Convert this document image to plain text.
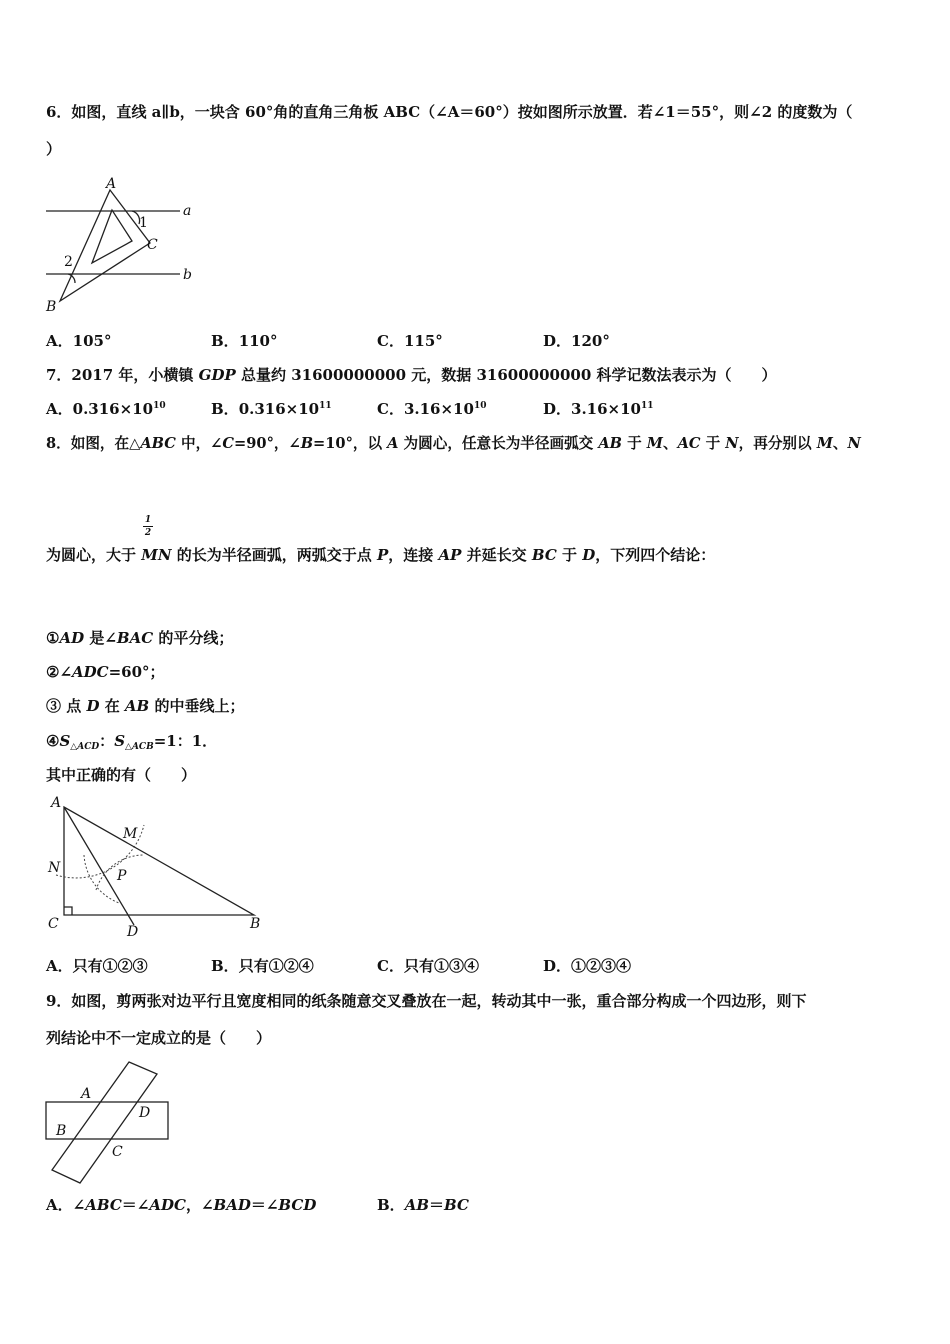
6．如图，直线 a∥b，一块含 60°角的直角三角板 ABC（∠A＝60°）按如图所示放置．若∠1＝55°，则∠2 的度数为（
）
A
B
C
a
b
1
2
A．105°	B．110°	C．115°	D．120°
7．2017 年，小横镇 GDP 总量约 31600000000 元，数据 31600000000 科学记数法表示为（　　）
A．$0.316\times 10^{10}$	B．$0.316\times 10^{11}$	C．$3.16\times 10^{10}$	D．$3.16\times 10^{11}$
8．如图，在△ABC 中，∠C=90°，∠B=10°，以 A 为圆心，任意长为半径画弧交 AB 于 M、AC 于 N，再分别以 M、N
1
2
为圆心，大于 MN 的长为半径画弧，两弧交于点 P，连接 AP 并延长交 BC 于 D，下列四个结论：
①AD 是∠BAC 的平分线；
②∠ADC=60°；
③ 点 D 在 AB 的中垂线上；
$④S_{\triangle ACD}$：$S_{\triangle ACB}=1$：1．
其中正确的有（　　）
A
M
N	P
C	D	B
A．只有①②③	B．只有①②④	C．只有①③④	D．①②③④
9．如图，剪两张对边平行且宽度相同的纸条随意交叉叠放在一起，转动其中一张，重合部分构成一个四边形，则下
列结论中不一定成立的是（　　）
A
B
C
D
A．∠ABC＝∠ADC，∠BAD＝∠BCD	B．AB＝BC
